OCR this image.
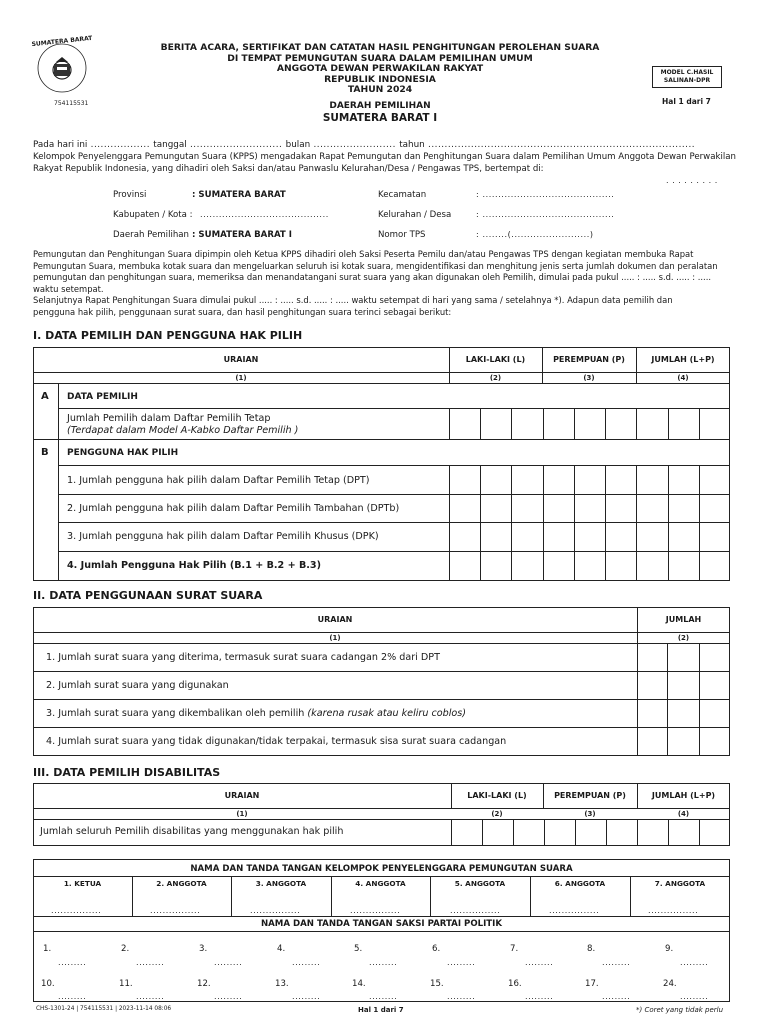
SUMATERA BARAT
754115531
BERITA ACARA, SERTIFIKAT DAN CATATAN HASIL PENGHITUNGAN PEROLEHAN SUARA
DI TEMPAT PEMUNGUTAN SUARA DALAM PEMILIHAN UMUM
ANGGOTA DEWAN PERWAKILAN RAKYAT
REPUBLIK INDONESIA
TAHUN 2024
DAERAH PEMILIHAN
SUMATERA BARAT I
MODEL C.HASIL
SALINAN-DPR
Hal 1 dari 7
Pada hari ini .................. tanggal ............................ bulan ......................... tahun .................................................................................
Kelompok Penyelenggara Pemungutan Suara (KPPS) mengadakan Rapat Pemungutan dan Penghitungan Suara dalam Pemilihan Umum Anggota Dewan Perwakilan
Rakyat Republik Indonesia, yang dihadiri oleh Saksi dan/atau Panwaslu Kelurahan/Desa / Pengawas TPS, bertempat di:
. . . . . . . . .
Provinsi	: SUMATERA BARAT
Kabupaten / Kota : .........................................
Daerah Pemilihan : SUMATERA BARAT I
Kecamatan	: ..........................................
Kelurahan / Desa	: ..........................................
Nomor TPS	: ........(.........................)
Pemungutan dan Penghitungan Suara dipimpin oleh Ketua KPPS dihadiri oleh Saksi Peserta Pemilu dan/atau Pengawas TPS dengan kegiatan membuka Rapat
Pemungutan Suara, membuka kotak suara dan mengeluarkan seluruh isi kotak suara, mengidentifikasi dan menghitung jenis serta jumlah dokumen dan peralatan
pemungutan dan penghitungan suara, memeriksa dan menandatangani surat suara yang akan digunakan oleh Pemilih, dimulai pada pukul ..... : ..... s.d. ..... : .....
waktu setempat.
Selanjutnya Rapat Penghitungan Suara dimulai pukul ..... : ..... s.d. ..... : ..... waktu setempat di hari yang sama / setelahnya *). Adapun data pemilih dan
pengguna hak pilih, penggunaan surat suara, dan hasil penghitungan suara terinci sebagai berikut:
I. DATA PEMILIH DAN PENGGUNA HAK PILIH
URAIAN	LAKI-LAKI (L)	PEREMPUAN (P)	JUMLAH (L+P)
(1)	(2)	(3)	(4)
A DATA PEMILIH
Jumlah Pemilih dalam Daftar Pemilih Tetap
(Terdapat dalam Model A-Kabko Daftar Pemilih )
B PENGGUNA HAK PILIH
1. Jumlah pengguna hak pilih dalam Daftar Pemilih Tetap (DPT)
2. Jumlah pengguna hak pilih dalam Daftar Pemilih Tambahan (DPTb)
3. Jumlah pengguna hak pilih dalam Daftar Pemilih Khusus (DPK)
4. Jumlah Pengguna Hak Pilih (B.1 + B.2 + B.3)
II. DATA PENGGUNAAN SURAT SUARA
URAIAN	JUMLAH
(1)	(2)
1. Jumlah surat suara yang diterima, termasuk surat suara cadangan 2% dari DPT
2. Jumlah surat suara yang digunakan
3. Jumlah surat suara yang dikembalikan oleh pemilih (karena rusak atau keliru coblos)
4. Jumlah surat suara yang tidak digunakan/tidak terpakai, termasuk sisa surat suara cadangan
III. DATA PEMILIH DISABILITAS
URAIAN	LAKI-LAKI (L)	PEREMPUAN (P)	JUMLAH (L+P)
(1)	(2)	(3)	(4)
Jumlah seluruh Pemilih disabilitas yang menggunakan hak pilih
NAMA DAN TANDA TANGAN KELOMPOK PENYELENGGARA PEMUNGUTAN SUARA
1. KETUA	2. ANGGOTA	3. ANGGOTA	4. ANGGOTA	5. ANGGOTA	6. ANGGOTA	7. ANGGOTA
................	................	................	................	................	................	................
NAMA DAN TANDA TANGAN SAKSI PARTAI POLITIK
1.	2.	3.	4.	5.	6.	7.	8.	9.
.........	.........	.........	.........	.........	.........	.........	.........	.........
10.	11.	12.	13.	14.	15.	16.	17.	24.
.........	.........	.........	.........	.........	.........	.........	.........	.........
CHS-1301-24 | 754115531 | 2023-11-14 08:06	Hal 1 dari 7	*) Coret yang tidak perlu
